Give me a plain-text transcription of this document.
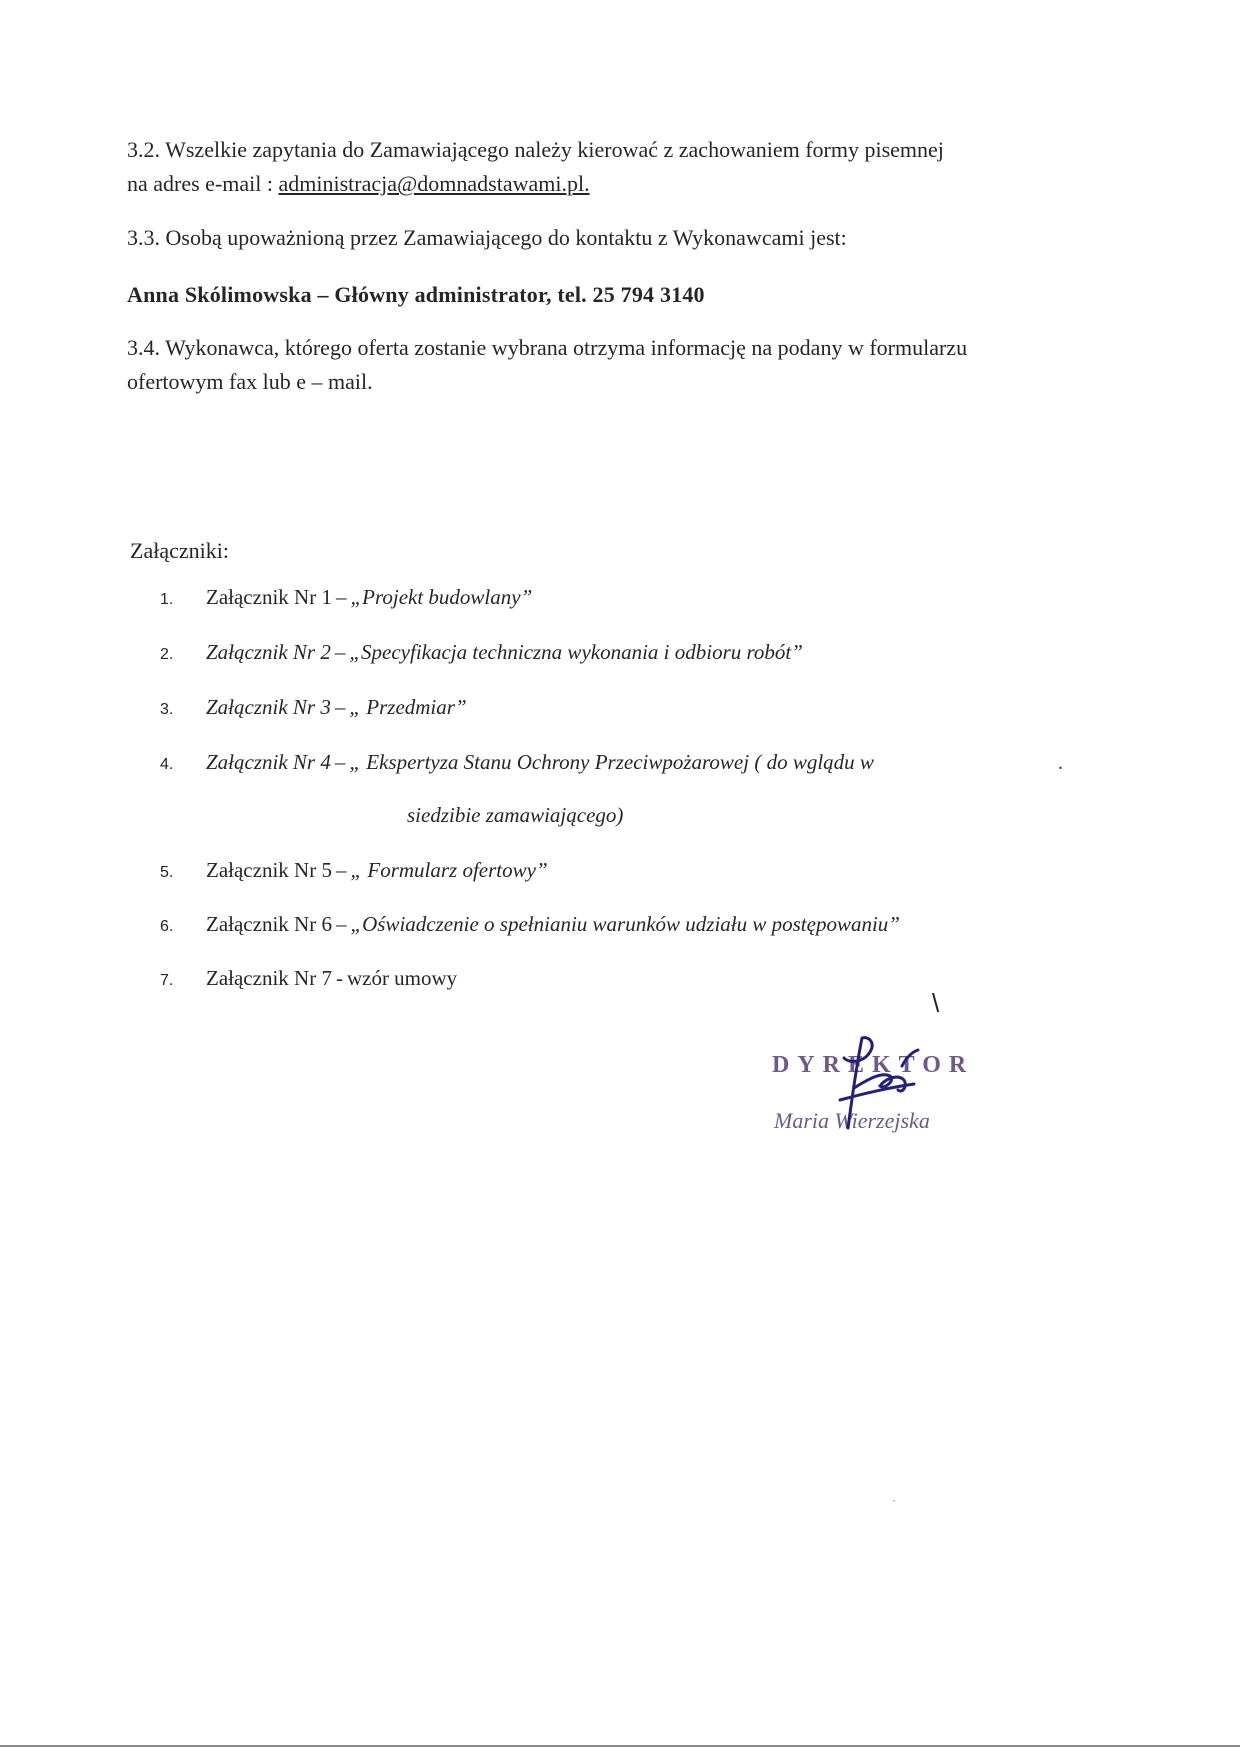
3.2. Wszelkie zapytania do Zamawiającego należy kierować z zachowaniem formy pisemnej
na adres e-mail : administracja@domnadstawami.pl.
3.3. Osobą upoważnioną przez Zamawiającego do kontaktu z Wykonawcami jest:
Anna Skólimowska – Główny administrator, tel. 25 794 3140
3.4. Wykonawca, którego oferta zostanie wybrana otrzyma informację na podany w formularzu
ofertowym fax lub e – mail.
Załączniki:
1. Załącznik Nr 1 – „Projekt budowlany”
2. Załącznik Nr 2 – „Specyfikacja techniczna wykonania i odbioru robót”
3. Załącznik Nr 3 – „ Przedmiar”
4. Załącznik Nr 4 – „ Ekspertyza Stanu Ochrony Przeciwpożarowej ( do wglądu w
siedzibie zamawiającego)
5. Załącznik Nr 5 – „ Formularz ofertowy”
6. Załącznik Nr 6 – „Oświadczenie o spełnianiu warunków udziału w postępowaniu”
7. Załącznik Nr 7 - wzór umowy
.
\
DYREKTOR
Maria Wierzejska
